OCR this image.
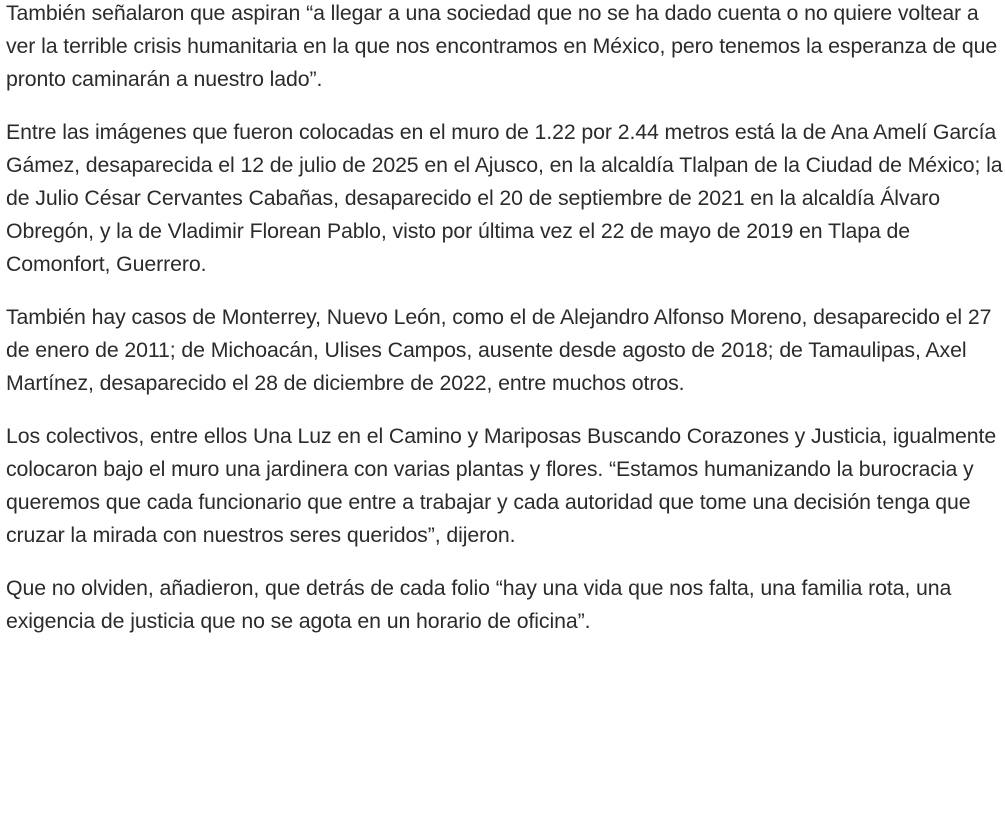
También señalaron que aspiran “a llegar a una sociedad que no se ha dado cuenta o no quiere voltear a ver la terrible crisis humanitaria en la que nos encontramos en México, pero tenemos la esperanza de que pronto caminarán a nuestro lado”.

Entre las imágenes que fueron colocadas en el muro de 1.22 por 2.44 metros está la de Ana Amelí García Gámez, desaparecida el 12 de julio de 2025 en el Ajusco, en la alcaldía Tlalpan de la Ciudad de México; la de Julio César Cervantes Cabañas, desaparecido el 20 de septiembre de 2021 en la alcaldía Álvaro Obregón, y la de Vladimir Florean Pablo, visto por última vez el 22 de mayo de 2019 en Tlapa de Comonfort, Guerrero.

También hay casos de Monterrey, Nuevo León, como el de Alejandro Alfonso Moreno, desaparecido el 27 de enero de 2011; de Michoacán, Ulises Campos, ausente desde agosto de 2018; de Tamaulipas, Axel Martínez, desaparecido el 28 de diciembre de 2022, entre muchos otros.

Los colectivos, entre ellos Una Luz en el Camino y Mariposas Buscando Corazones y Justicia, igualmente colocaron bajo el muro una jardinera con varias plantas y flores. “Estamos humanizando la burocracia y queremos que cada funcionario que entre a trabajar y cada autoridad que tome una decisión tenga que cruzar la mirada con nuestros seres queridos”, dijeron.

Que no olviden, añadieron, que detrás de cada folio “hay una vida que nos falta, una familia rota, una exigencia de justicia que no se agota en un horario de oficina”.
